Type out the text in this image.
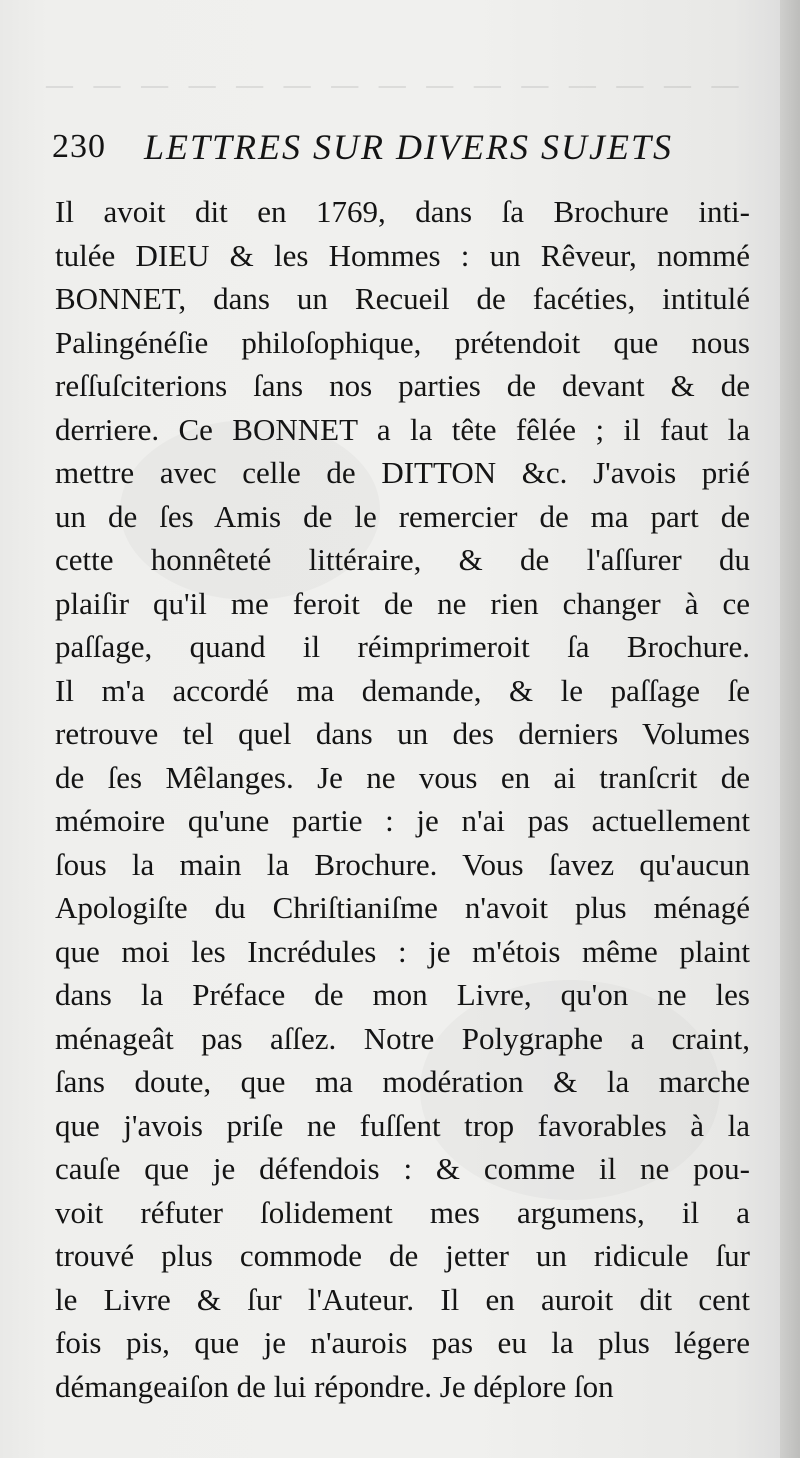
— — — — — — — — — — — — — — —
230 LETTRES SUR DIVERS SUJETS
Il avoit dit en 1769, dans ſa Brochure inti-
tulée DIEU & les Hommes : un Rêveur, nommé
BONNET, dans un Recueil de facéties, intitulé
Palingénéſie philoſophique, prétendoit que nous
reſſuſciterions ſans nos parties de devant & de
derriere. Ce BONNET a la tête fêlée ; il faut la
mettre avec celle de DITTON &c. J'avois prié
un de ſes Amis de le remercier de ma part de
cette honnêteté littéraire, & de l'aſſurer du
plaiſir qu'il me feroit de ne rien changer à ce
paſſage, quand il réimprimeroit ſa Brochure.
Il m'a accordé ma demande, & le paſſage ſe
retrouve tel quel dans un des derniers Volumes
de ſes Mêlanges. Je ne vous en ai tranſcrit de
mémoire qu'une partie : je n'ai pas actuellement
ſous la main la Brochure. Vous ſavez qu'aucun
Apologiſte du Chriſtianiſme n'avoit plus ménagé
que moi les Incrédules : je m'étois même plaint
dans la Préface de mon Livre, qu'on ne les
ménageât pas aſſez. Notre Polygraphe a craint,
ſans doute, que ma modération & la marche
que j'avois priſe ne fuſſent trop favorables à la
cauſe que je défendois : & comme il ne pou-
voit réfuter ſolidement mes argumens, il a
trouvé plus commode de jetter un ridicule ſur
le Livre & ſur l'Auteur. Il en auroit dit cent
fois pis, que je n'aurois pas eu la plus légere
démangeaiſon de lui répondre. Je déplore ſon
